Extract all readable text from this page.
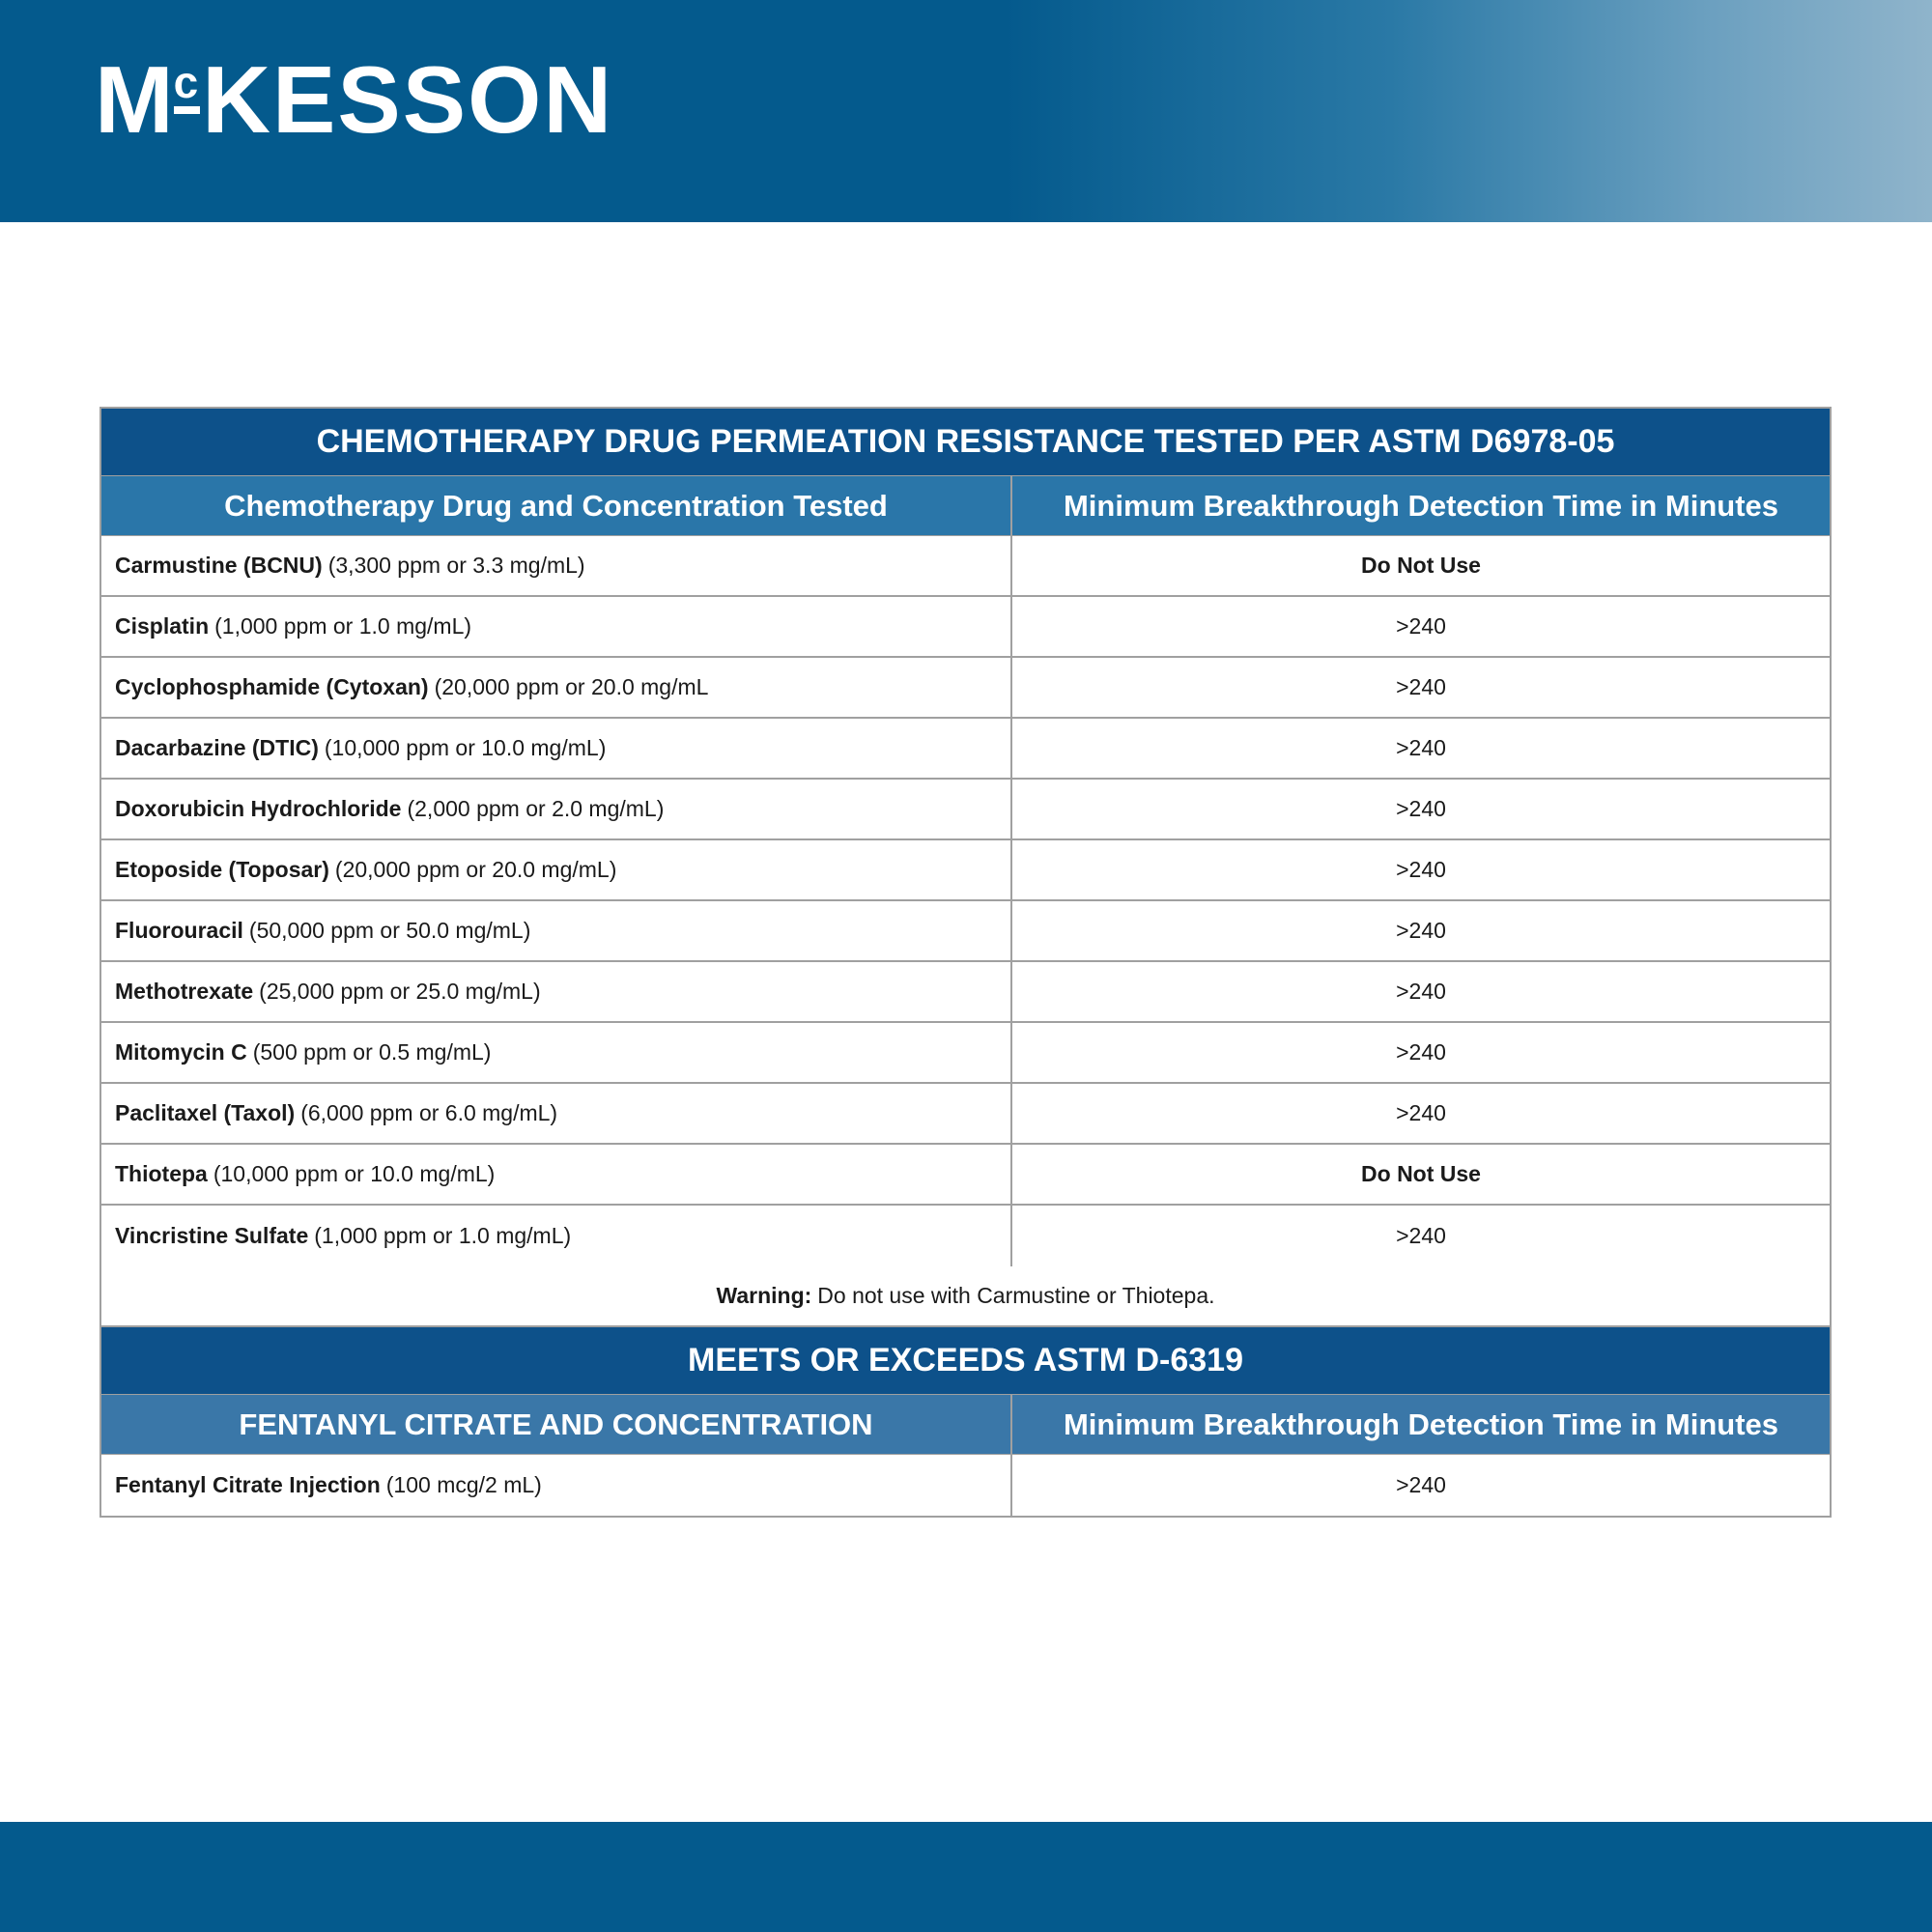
McKESSON
CHEMOTHERAPY DRUG PERMEATION RESISTANCE TESTED PER ASTM D6978-05
Chemotherapy Drug and Concentration Tested	Minimum Breakthrough Detection Time in Minutes
Carmustine (BCNU) (3,300 ppm or 3.3 mg/mL)	Do Not Use
Cisplatin (1,000 ppm or 1.0 mg/mL)	>240
Cyclophosphamide (Cytoxan) (20,000 ppm or 20.0 mg/mL	>240
Dacarbazine (DTIC) (10,000 ppm or 10.0 mg/mL)	>240
Doxorubicin Hydrochloride (2,000 ppm or 2.0 mg/mL)	>240
Etoposide (Toposar) (20,000 ppm or 20.0 mg/mL)	>240
Fluorouracil (50,000 ppm or 50.0 mg/mL)	>240
Methotrexate (25,000 ppm or 25.0 mg/mL)	>240
Mitomycin C (500 ppm or 0.5 mg/mL)	>240
Paclitaxel (Taxol) (6,000 ppm or 6.0 mg/mL)	>240
Thiotepa (10,000 ppm or 10.0 mg/mL)	Do Not Use
Vincristine Sulfate (1,000 ppm or 1.0 mg/mL)	>240
Warning: Do not use with Carmustine or Thiotepa.
MEETS OR EXCEEDS ASTM D-6319
FENTANYL CITRATE AND CONCENTRATION	Minimum Breakthrough Detection Time in Minutes
Fentanyl Citrate Injection (100 mcg/2 mL)	>240
